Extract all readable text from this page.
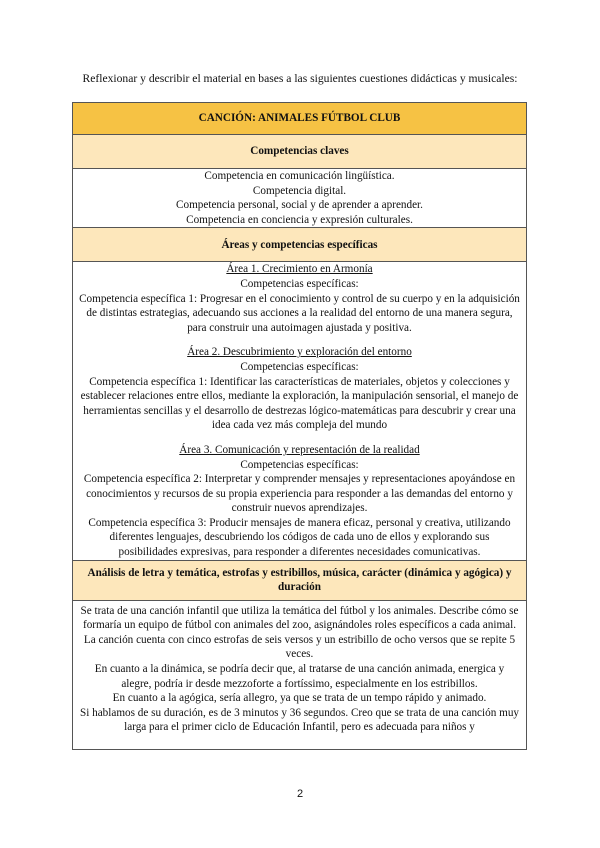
Reflexionar y describir el material en bases a las siguientes cuestiones didácticas y musicales:
CANCIÓN: ANIMALES FÚTBOL CLUB
Competencias claves

Competencia en comunicación lingüística.
Competencia digital.
Competencia personal, social y de aprender a aprender.
Competencia en conciencia y expresión culturales.

Áreas y competencias específicas

Área 1. Crecimiento en Armonía
Competencias específicas:
Competencia específica 1: Progresar en el conocimiento y control de su cuerpo y en la adquisición de distintas estrategias, adecuando sus acciones a la realidad del entorno de una manera segura, para construir una autoimagen ajustada y positiva.
Área 2. Descubrimiento y exploración del entorno
Competencias específicas:
Competencia específica 1: Identificar las características de materiales, objetos y colecciones y establecer relaciones entre ellos, mediante la exploración, la manipulación sensorial, el manejo de herramientas sencillas y el desarrollo de destrezas lógico-matemáticas para descubrir y crear una idea cada vez más compleja del mundo
Área 3. Comunicación y representación de la realidad
Competencias específicas:
Competencia específica 2: Interpretar y comprender mensajes y representaciones apoyándose en conocimientos y recursos de su propia experiencia para responder a las demandas del entorno y construir nuevos aprendizajes.
Competencia específica 3: Producir mensajes de manera eficaz, personal y creativa, utilizando diferentes lenguajes, descubriendo los códigos de cada uno de ellos y explorando sus posibilidades expresivas, para responder a diferentes necesidades comunicativas.

Análisis de letra y temática, estrofas y estribillos, música, carácter (dinámica y agógica) y duración

Se trata de una canción infantil que utiliza la temática del fútbol y los animales. Describe cómo se formaría un equipo de fútbol con animales del zoo, asignándoles roles específicos a cada animal.
La canción cuenta con cinco estrofas de seis versos y un estribillo de ocho versos que se repite 5 veces.
En cuanto a la dinámica, se podría decir que, al tratarse de una canción animada, energica y alegre, podría ir desde mezzoforte a fortíssimo, especialmente en los estribillos.
En cuanto a la agógica, sería allegro, ya que se trata de un tempo rápido y animado.
Si hablamos de su duración, es de 3 minutos y 36 segundos. Creo que se trata de una canción muy larga para el primer ciclo de Educación Infantil, pero es adecuada para niños y
2
